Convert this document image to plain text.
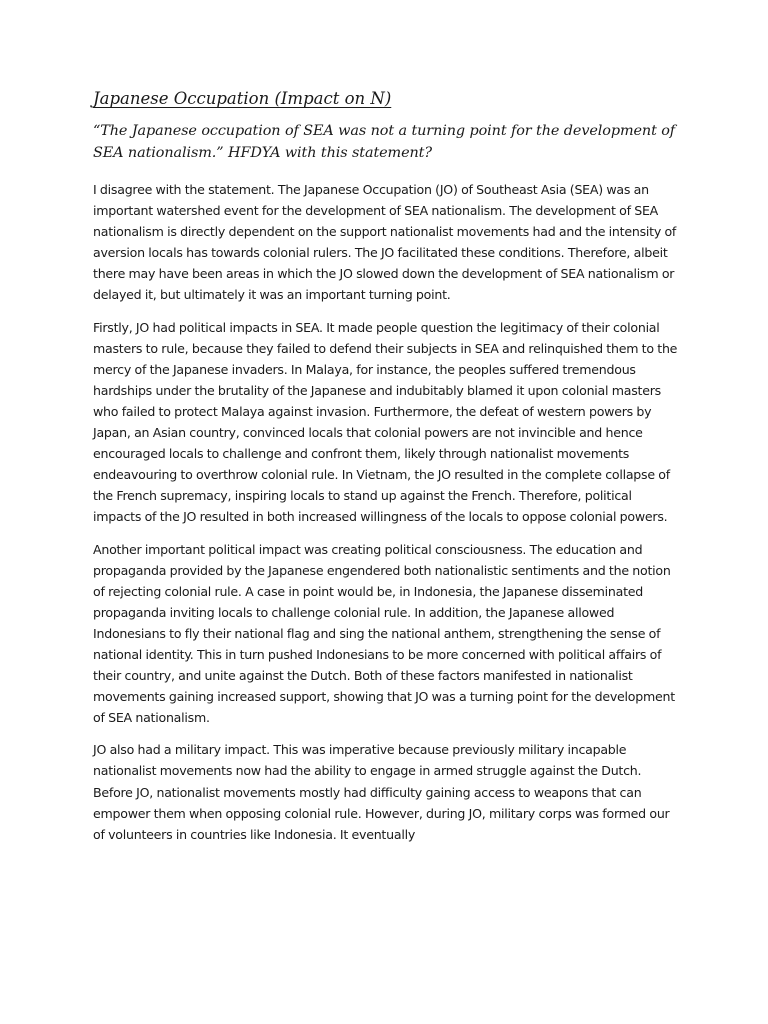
Japanese Occupation (Impact on N)

“The Japanese occupation of SEA was not a turning point for the development of SEA nationalism.” HFDYA with this statement?

I disagree with the statement. The Japanese Occupation (JO) of Southeast Asia (SEA) was an important watershed event for the development of SEA nationalism. The development of SEA nationalism is directly dependent on the support nationalist movements had and the intensity of aversion locals has towards colonial rulers. The JO facilitated these conditions. Therefore, albeit there may have been areas in which the JO slowed down the development of SEA nationalism or delayed it, but ultimately it was an important turning point.

Firstly, JO had political impacts in SEA. It made people question the legitimacy of their colonial masters to rule, because they failed to defend their subjects in SEA and relinquished them to the mercy of the Japanese invaders. In Malaya, for instance, the peoples suffered tremendous hardships under the brutality of the Japanese and indubitably blamed it upon colonial masters who failed to protect Malaya against invasion. Furthermore, the defeat of western powers by Japan, an Asian country, convinced locals that colonial powers are not invincible and hence encouraged locals to challenge and confront them, likely through nationalist movements endeavouring to overthrow colonial rule. In Vietnam, the JO resulted in the complete collapse of the French supremacy, inspiring locals to stand up against the French. Therefore, political impacts of the JO resulted in both increased willingness of the locals to oppose colonial powers.

Another important political impact was creating political consciousness. The education and propaganda provided by the Japanese engendered both nationalistic sentiments and the notion of rejecting colonial rule. A case in point would be, in Indonesia, the Japanese disseminated propaganda inviting locals to challenge colonial rule. In addition, the Japanese allowed Indonesians to fly their national flag and sing the national anthem, strengthening the sense of national identity. This in turn pushed Indonesians to be more concerned with political affairs of their country, and unite against the Dutch. Both of these factors manifested in nationalist movements gaining increased support, showing that JO was a turning point for the development of SEA nationalism.

JO also had a military impact. This was imperative because previously military incapable nationalist movements now had the ability to engage in armed struggle against the Dutch. Before JO, nationalist movements mostly had difficulty gaining access to weapons that can empower them when opposing colonial rule. However, during JO, military corps was formed our of volunteers in countries like Indonesia. It eventually
